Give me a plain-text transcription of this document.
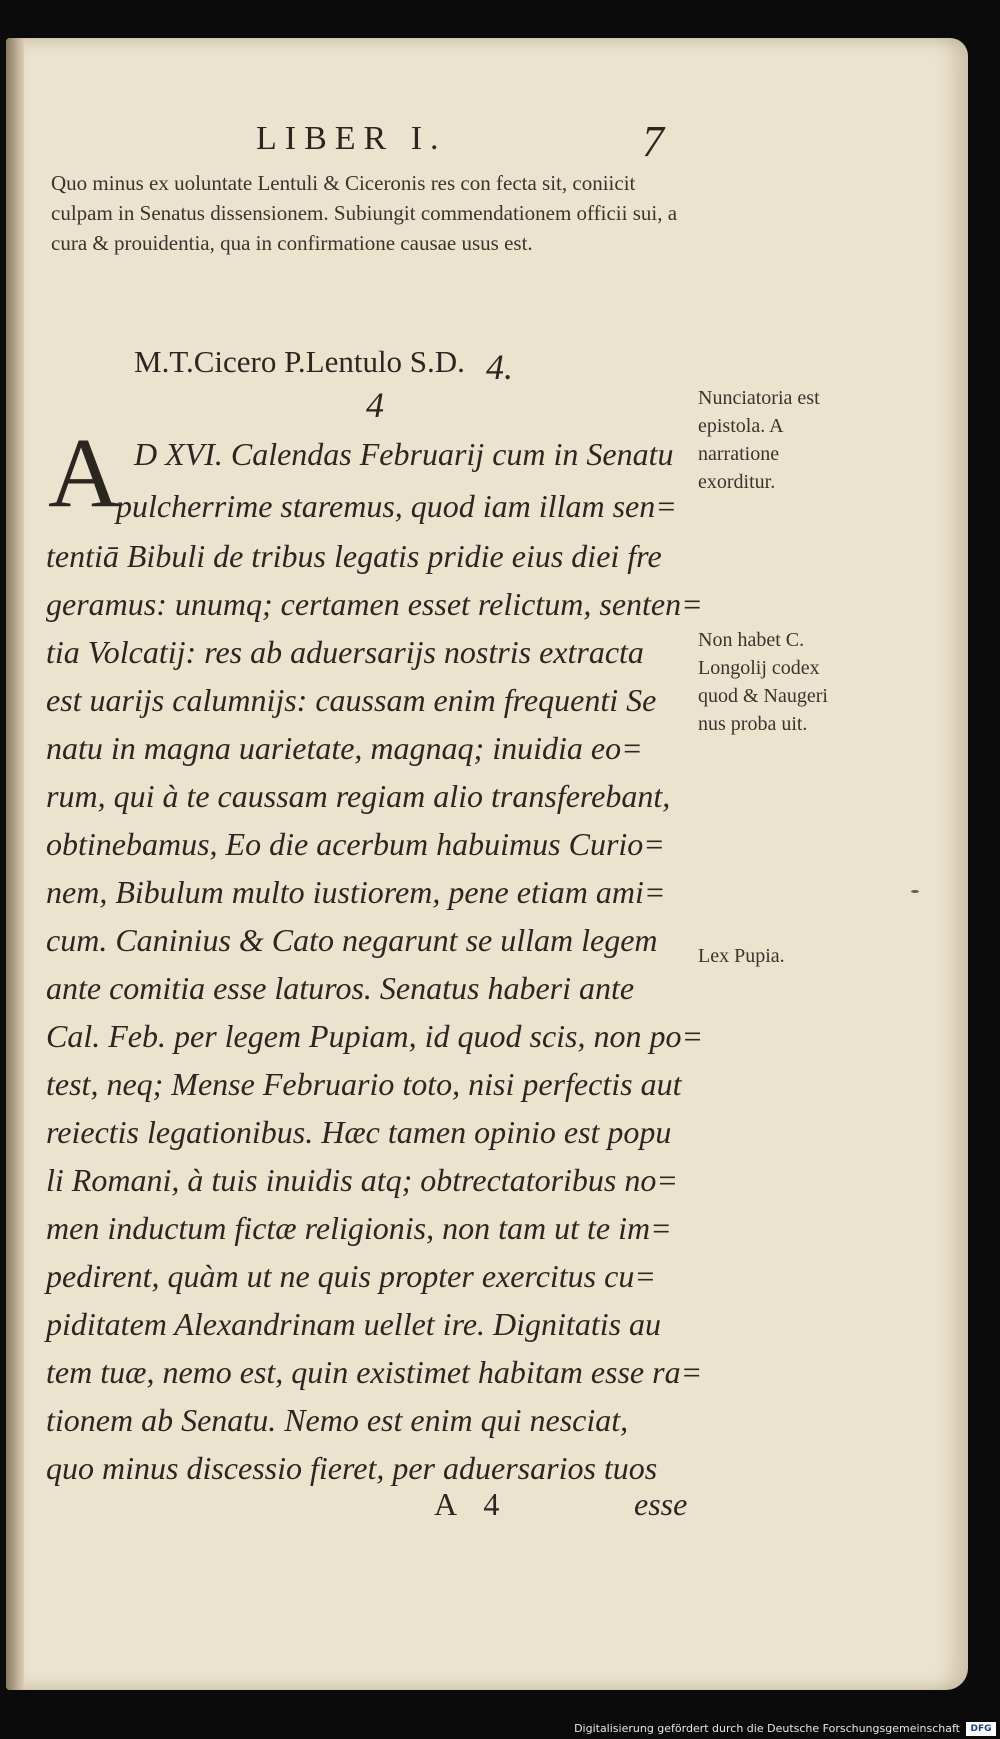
LIBER I.	7
Quo minus ex uoluntate Lentuli & Ciceronis res con fecta sit, coniicit culpam in Senatus dissensionem. Subiungit commendationem officii sui, a cura & prouidentia, qua in confirmatione causae usus est.
M.T.Cicero P.Lentulo S.D. 4.
4
A D XVI. Calendas Februarij cum in Senatu
pulcherrime staremus, quod iam illam sen=
tentiā Bibuli de tribus legatis pridie eius diei fre
geramus: unumq; certamen esset relictum, senten=
tia Volcatij: res ab aduersarijs nostris extracta
est uarijs calumnijs: caussam enim frequenti Se
natu in magna uarietate, magnaq; inuidia eo=
rum, qui à te caussam regiam alio transferebant,
obtinebamus, Eo die acerbum habuimus Curio=
nem, Bibulum multo iustiorem, pene etiam ami=
cum. Caninius & Cato negarunt se ullam legem
ante comitia esse laturos. Senatus haberi ante
Cal. Feb. per legem Pupiam, id quod scis, non po=
test, neq; Mense Februario toto, nisi perfectis aut
reiectis legationibus. Hæc tamen opinio est popu
li Romani, à tuis inuidis atq; obtrectatoribus no=
men inductum fictæ religionis, non tam ut te im=
pedirent, quàm ut ne quis propter exercitus cu=
piditatem Alexandrinam uellet ire. Dignitatis au
tem tuæ, nemo est, quin existimet habitam esse ra=
tionem ab Senatu. Nemo est enim qui nesciat,
quo minus discessio fieret, per aduersarios tuos
Nunciatoria est epistola. A narratione exorditur.
Non habet C. Longolij codex quod & Naugeri nus proba uit.
Lex Pupia.
A 4	esse
Digitalisierung gefördert durch die Deutsche Forschungsgemeinschaft	DFG
